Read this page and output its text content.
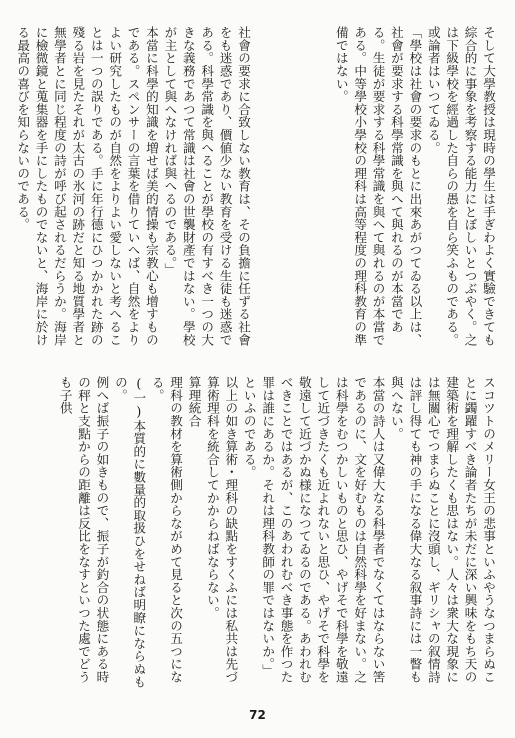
そして大學教授は現時の學生は手ぎわよく實驗できても綜合的に事象を考察する能力にとぼしいとつぶやく。之は下級學校を經過した自らの愚を自ら笑ふものである。或論者はいつてゐる。
「學校は社會の要求のもとに出來あがつてゐる以上は、社會が要求する科學常識を與へて與れるのが本當である。生徒が要求する科學常識を與へて與れるのが本當である。中等學校小學校の理科は高等程度の理科教育の準備ではない。
社會の要求に合致しない教育は、その負擔に任ずる社會をも迷惑であり、價値少ない教育を受ける生徒も迷惑である。科學常識を與へることが學校の有すべき一つの大きな義務であつて常識は社會の世襲財產ではない。學校が主として與へなければ與へるのである。」
本當に科學的知識を増せば美的情操も宗教心も增すものである。スペンサーの言葉を借りていへば、自然をよりよい研究したものが自然をよりよい愛しないと考へることは一つの誤りである。手に年行德にひつかかれた跡の殘る岩を見たそれが太古の氷河の跡だと知る地質學者と無學者とに同じ程度の詩が呼び起されるだらうか。海岸に檢微鏡と蒐集器を手にしたものでないと、海岸に於ける最高の喜びを知らないのである。
スコツトのメリー女王の悲事といふやうなつまらぬことに蠲躍すべき論者たちが未だに深い興味をもち天の建築術を理解したくも思はない。人々は衆大な現象には無關心でつまらぬことに沒頭し、ギリシャの叙情詩は評し得ても神の手になる偉大なる叙事詩には一瞥も與へない。
本當の詩人は又偉大なる科學者でなくてはならない筈であるのに、文を好むものは自然科學を好まない。之は科學をむつかしいものと思ひ、やげそで科學を敬遠して近づきたくも近よれないと思ひ、やげそで科學を敬遠して近づかぬ様になつてゐるのである。あわれむべきことではあるが、このあわれむべき事態を作つた罪は誰にあるか。それは理科教師の罪ではないか。」
といふのである。
以上の如き算術・理科の缺點をすくふには私共は先づ算術理科を統合してかからねばならない。
算理統合
理科の教材を算術側からながめて見ると次の五つになる。
(一)本質的に數量的取扱ひをせねば明瞭にならぬもの。
例へば振子の如きもので、振子が釣合の状態にある時の秤と支點からの距離は反比をなすといつた處でどうも子供
72
